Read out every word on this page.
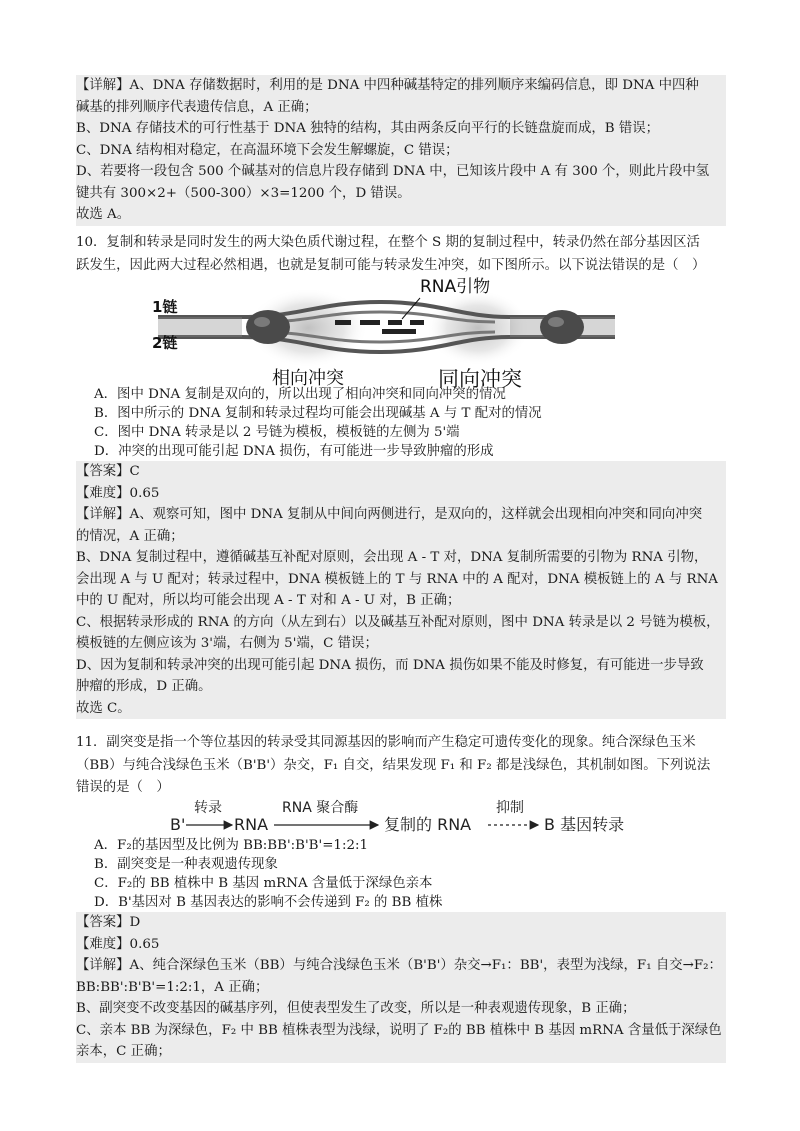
【详解】A、DNA 存储数据时，利用的是 DNA 中四种碱基特定的排列顺序来编码信息，即 DNA 中四种
碱基的排列顺序代表遗传信息，A 正确；
B、DNA 存储技术的可行性基于 DNA 独特的结构，其由两条反向平行的长链盘旋而成，B 错误；
C、DNA 结构相对稳定，在高温环境下会发生解螺旋，C 错误；
D、若要将一段包含 500 个碱基对的信息片段存储到 DNA 中，已知该片段中 A 有 300 个，则此片段中氢
键共有 300×2+（500-300）×3=1200 个，D 错误。
故选 A。
10．复制和转录是同时发生的两大染色质代谢过程，在整个 S 期的复制过程中，转录仍然在部分基因区活
跃发生，因此两大过程必然相遇，也就是复制可能与转录发生冲突，如下图所示。以下说法错误的是（　）
RNA引物
1链
2链
相向冲突	同向冲突
A．图中 DNA 复制是双向的，所以出现了相向冲突和同向冲突的情况
B．图中所示的 DNA 复制和转录过程均可能会出现碱基 A 与 T 配对的情况
C．图中 DNA 转录是以 2 号链为模板，模板链的左侧为 5'端
D．冲突的出现可能引起 DNA 损伤，有可能进一步导致肿瘤的形成
【答案】C
【难度】0.65
【详解】A、观察可知，图中 DNA 复制从中间向两侧进行，是双向的，这样就会出现相向冲突和同向冲突
的情况，A 正确；
B、DNA 复制过程中，遵循碱基互补配对原则，会出现 A - T 对，DNA 复制所需要的引物为 RNA 引物，
会出现 A 与 U 配对；转录过程中，DNA 模板链上的 T 与 RNA 中的 A 配对，DNA 模板链上的 A 与 RNA
中的 U 配对，所以均可能会出现 A - T 对和 A - U 对，B 正确；
C、根据转录形成的 RNA 的方向（从左到右）以及碱基互补配对原则，图中 DNA 转录是以 2 号链为模板，
模板链的左侧应该为 3'端，右侧为 5'端，C 错误；
D、因为复制和转录冲突的出现可能引起 DNA 损伤，而 DNA 损伤如果不能及时修复，有可能进一步导致
肿瘤的形成，D 正确。
故选 C。
11．副突变是指一个等位基因的转录受其同源基因的影响而产生稳定可遗传变化的现象。纯合深绿色玉米
（BB）与纯合浅绿色玉米（B'B'）杂交，F₁ 自交，结果发现 F₁ 和 F₂ 都是浅绿色，其机制如图。下列说法
错误的是（　）
B'
转录
RNA
RNA 聚合酶
复制的 RNA
抑制
B 基因转录
A．F₂的基因型及比例为 BB:BB':B'B'=1:2:1
B．副突变是一种表观遗传现象
C．F₂的 BB 植株中 B 基因 mRNA 含量低于深绿色亲本
D．B'基因对 B 基因表达的影响不会传递到 F₂ 的 BB 植株
【答案】D
【难度】0.65
【详解】A、纯合深绿色玉米（BB）与纯合浅绿色玉米（B'B'）杂交→F₁：BB'，表型为浅绿，F₁ 自交→F₂：
BB:BB':B'B'=1:2:1，A 正确；
B、副突变不改变基因的碱基序列，但使表型发生了改变，所以是一种表观遗传现象，B 正确；
C、亲本 BB 为深绿色，F₂ 中 BB 植株表型为浅绿，说明了 F₂的 BB 植株中 B 基因 mRNA 含量低于深绿色
亲本，C 正确；
